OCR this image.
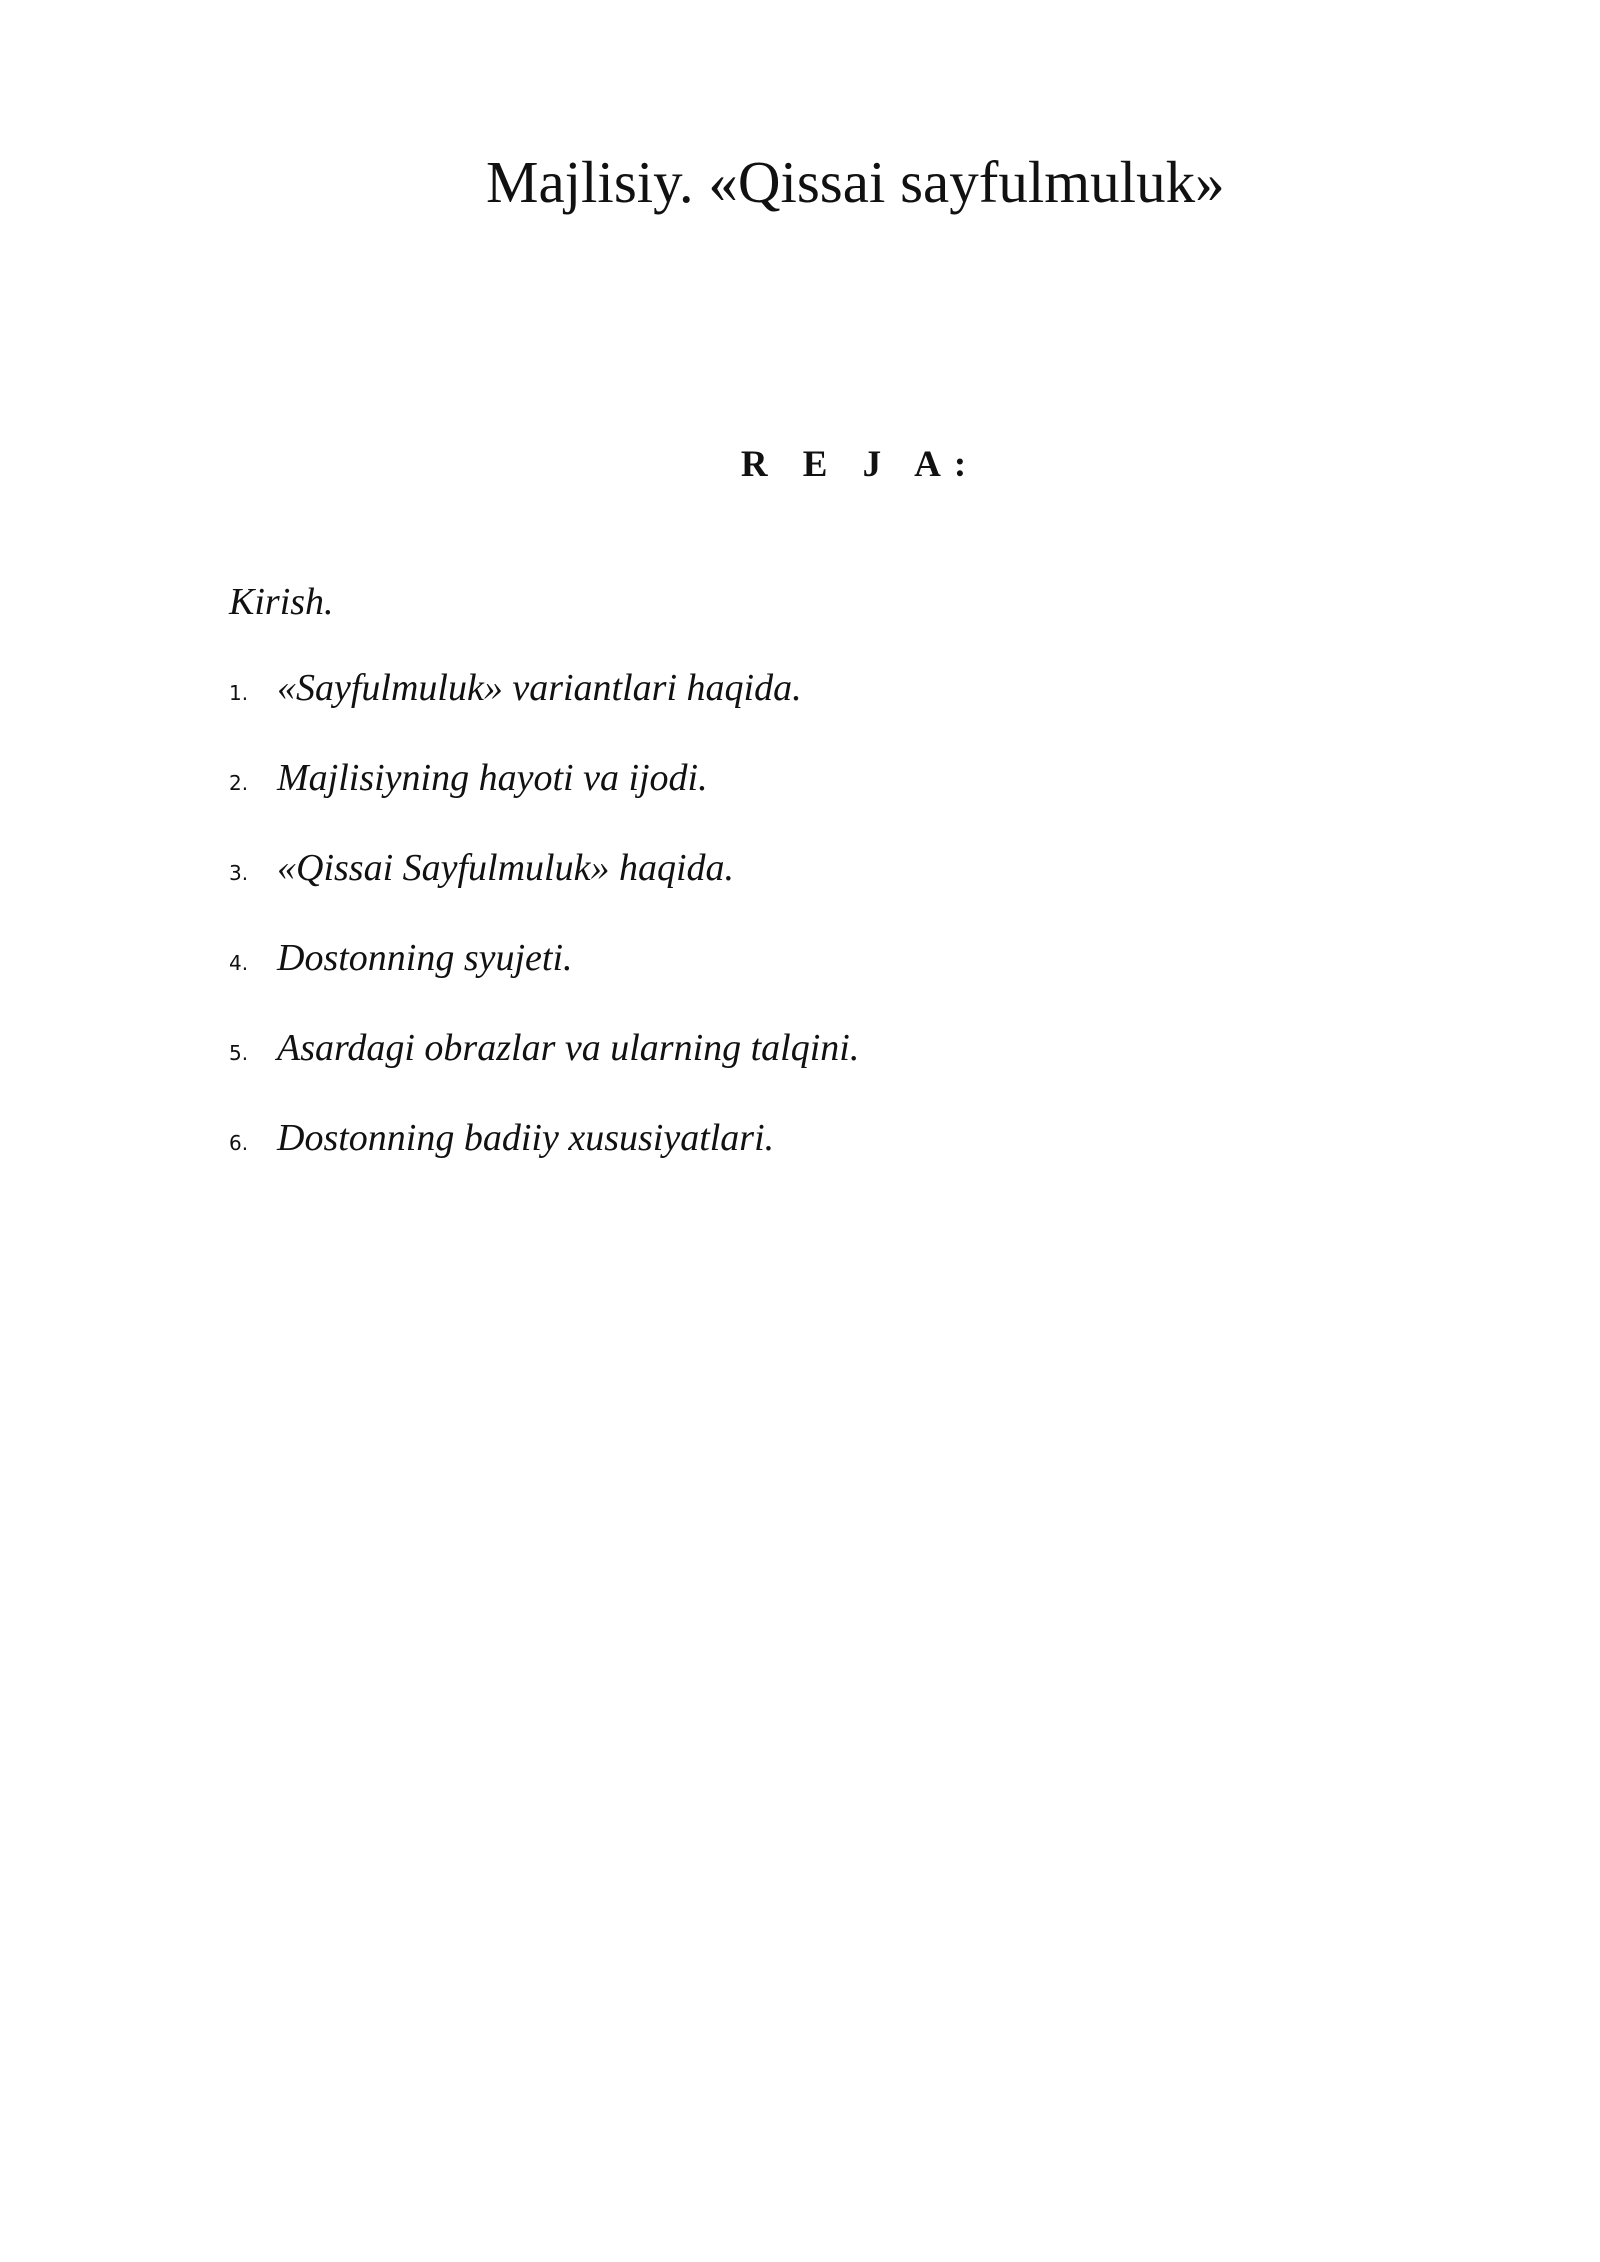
Majlisiy. «Qissai sayfulmuluk»
R E J A:

Kirish.

1. «Sayfulmuluk» variantlari haqida.
2. Majlisiyning hayoti va ijodi.
3. «Qissai Sayfulmuluk» haqida.
4. Dostonning syujeti.
5. Asardagi obrazlar va ularning talqini.
6. Dostonning badiiy xususiyatlari.
